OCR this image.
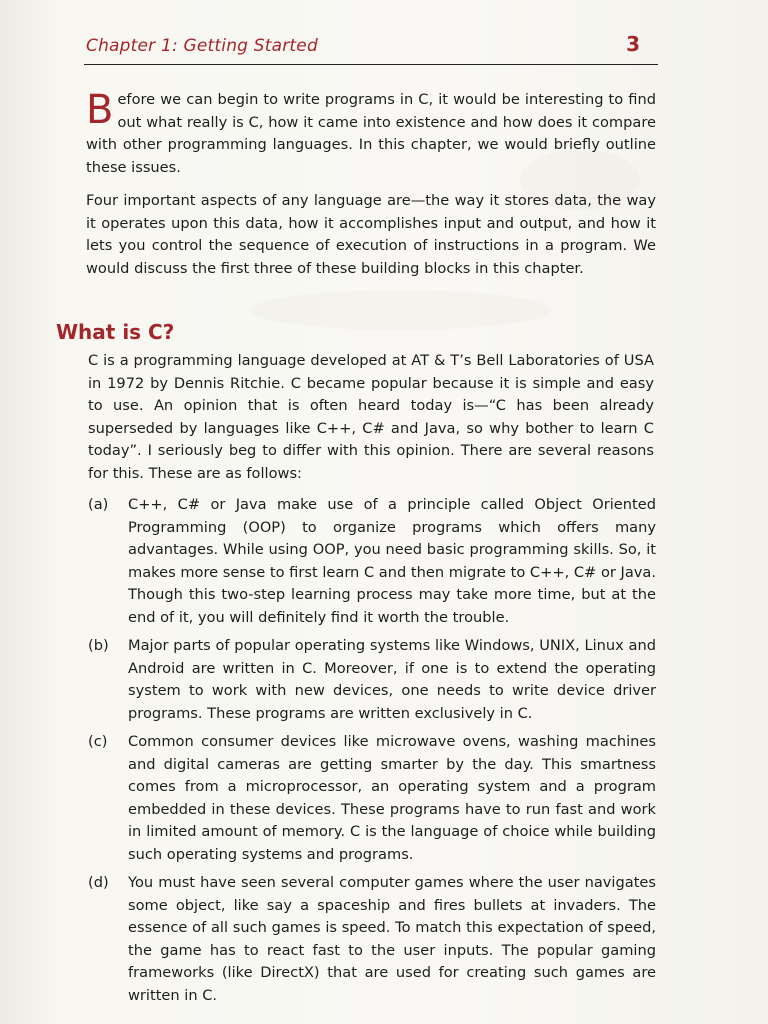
Chapter 1: Getting Started	3
B efore we can begin to write programs in C, it would be interesting to find out what really is C, how it came into existence and how does it compare with other programming languages. In this chapter, we would briefly outline these issues.
Four important aspects of any language are—the way it stores data, the way it operates upon this data, how it accomplishes input and output, and how it lets you control the sequence of execution of instructions in a program. We would discuss the first three of these building blocks in this chapter.
What is C?
C is a programming language developed at AT & T’s Bell Laboratories of USA in 1972 by Dennis Ritchie. C became popular because it is simple and easy to use. An opinion that is often heard today is—“C has been already superseded by languages like C++, C# and Java, so why bother to learn C today”. I seriously beg to differ with this opinion. There are several reasons for this. These are as follows:
(a)	C++, C# or Java make use of a principle called Object Oriented Programming (OOP) to organize programs which offers many advantages. While using OOP, you need basic programming skills. So, it makes more sense to first learn C and then migrate to C++, C# or Java. Though this two-step learning process may take more time, but at the end of it, you will definitely find it worth the trouble.
(b)	Major parts of popular operating systems like Windows, UNIX, Linux and Android are written in C. Moreover, if one is to extend the operating system to work with new devices, one needs to write device driver programs. These programs are written exclusively in C.
(c)	Common consumer devices like microwave ovens, washing machines and digital cameras are getting smarter by the day. This smartness comes from a microprocessor, an operating system and a program embedded in these devices. These programs have to run fast and work in limited amount of memory. C is the language of choice while building such operating systems and programs.
(d)	You must have seen several computer games where the user navigates some object, like say a spaceship and fires bullets at invaders. The essence of all such games is speed. To match this expectation of speed, the game has to react fast to the user inputs. The popular gaming frameworks (like DirectX) that are used for creating such games are written in C.
